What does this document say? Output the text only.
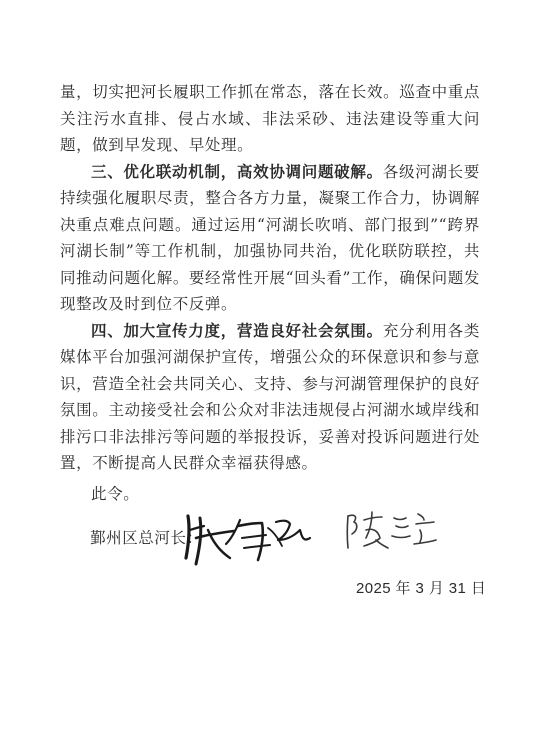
量，切实把河长履职工作抓在常态，落在长效。巡查中重点关注污水直排、侵占水域、非法采砂、违法建设等重大问题，做到早发现、早处理。

三、优化联动机制，高效协调问题破解。各级河湖长要持续强化履职尽责，整合各方力量，凝聚工作合力，协调解决重点难点问题。通过运用“河湖长吹哨、部门报到”“跨界河湖长制”等工作机制，加强协同共治，优化联防联控，共同推动问题化解。要经常性开展“回头看”工作，确保问题发现整改及时到位不反弹。

四、加大宣传力度，营造良好社会氛围。充分利用各类媒体平台加强河湖保护宣传，增强公众的环保意识和参与意识，营造全社会共同关心、支持、参与河湖管理保护的良好氛围。主动接受社会和公众对非法违规侵占河湖水域岸线和排污口非法排污等问题的举报投诉，妥善对投诉问题进行处置，不断提高人民群众幸福获得感。

此令。
鄞州区总河长：
2025 年 3 月 31 日
